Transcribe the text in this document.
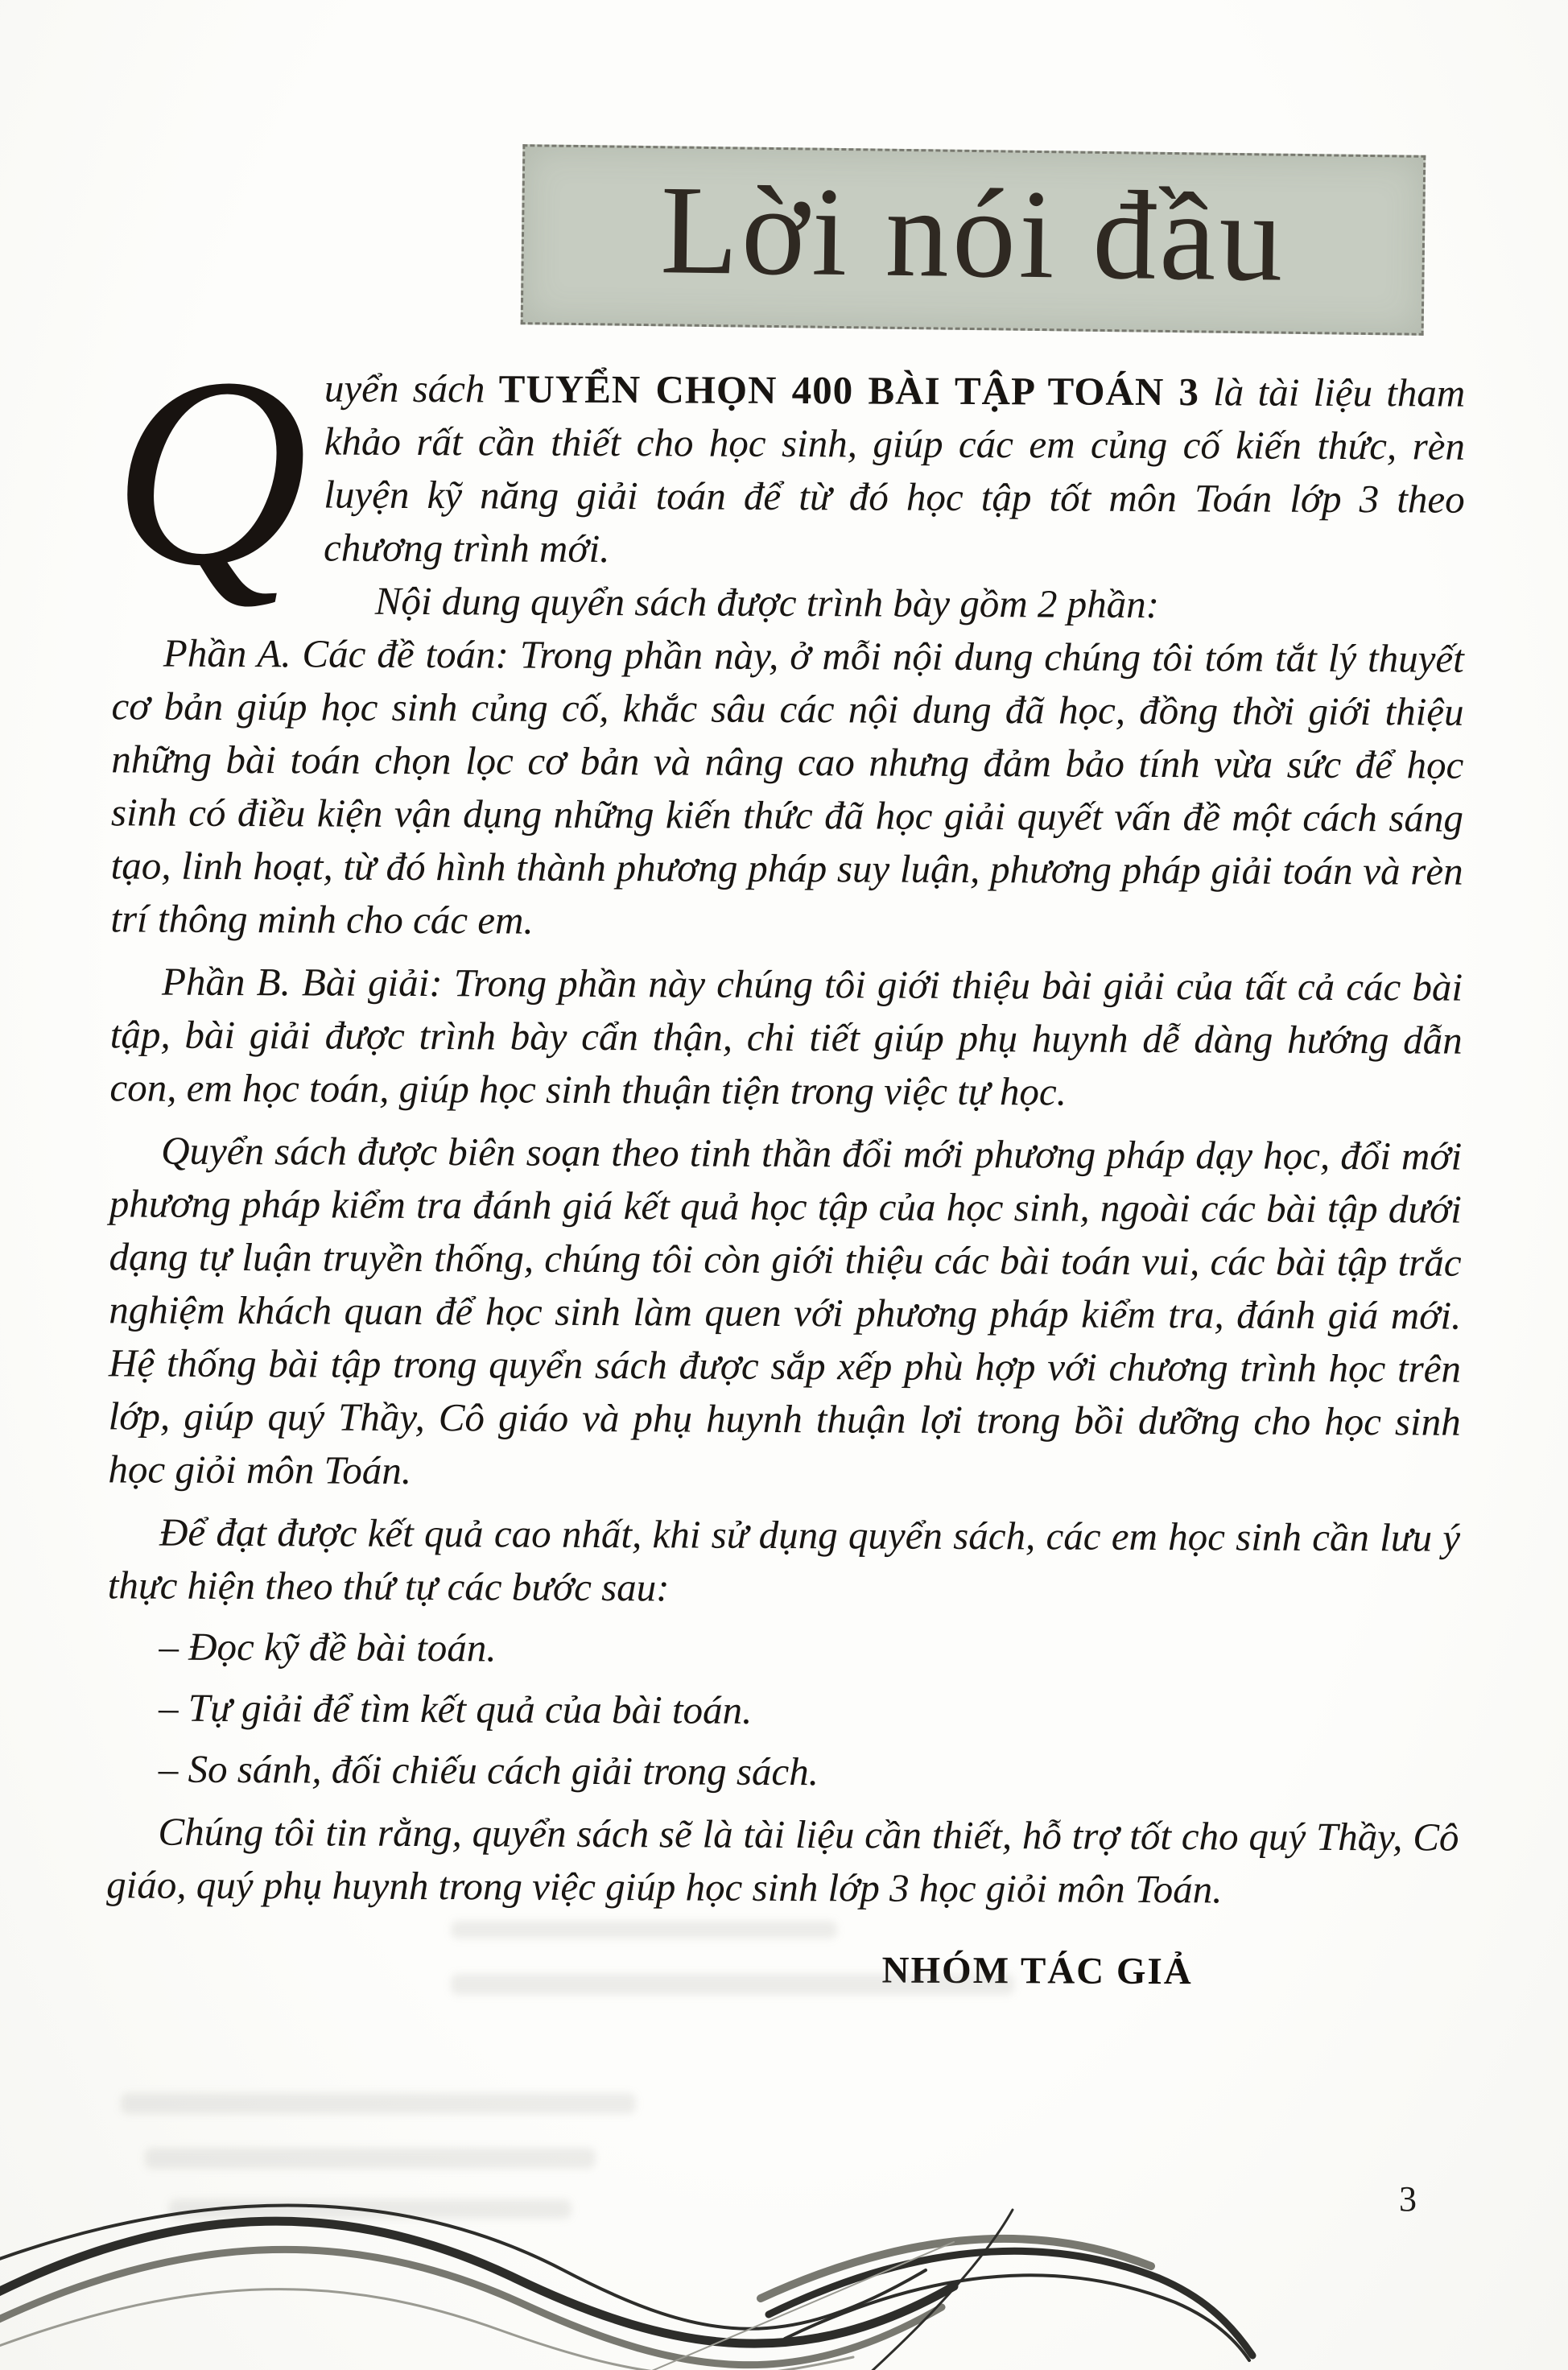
Lời nói đầu

Quyển sách TUYỂN CHỌN 400 BÀI TẬP TOÁN 3 là tài liệu tham khảo rất cần thiết cho học sinh, giúp các em củng cố kiến thức, rèn luyện kỹ năng giải toán để từ đó học tập tốt môn Toán lớp 3 theo chương trình mới.

Nội dung quyển sách được trình bày gồm 2 phần:

Phần A. Các đề toán: Trong phần này, ở mỗi nội dung chúng tôi tóm tắt lý thuyết cơ bản giúp học sinh củng cố, khắc sâu các nội dung đã học, đồng thời giới thiệu những bài toán chọn lọc cơ bản và nâng cao nhưng đảm bảo tính vừa sức để học sinh có điều kiện vận dụng những kiến thức đã học giải quyết vấn đề một cách sáng tạo, linh hoạt, từ đó hình thành phương pháp suy luận, phương pháp giải toán và rèn trí thông minh cho các em.

Phần B. Bài giải: Trong phần này chúng tôi giới thiệu bài giải của tất cả các bài tập, bài giải được trình bày cẩn thận, chi tiết giúp phụ huynh dễ dàng hướng dẫn con, em học toán, giúp học sinh thuận tiện trong việc tự học.

Quyển sách được biên soạn theo tinh thần đổi mới phương pháp dạy học, đổi mới phương pháp kiểm tra đánh giá kết quả học tập của học sinh, ngoài các bài tập dưới dạng tự luận truyền thống, chúng tôi còn giới thiệu các bài toán vui, các bài tập trắc nghiệm khách quan để học sinh làm quen với phương pháp kiểm tra, đánh giá mới. Hệ thống bài tập trong quyển sách được sắp xếp phù hợp với chương trình học trên lớp, giúp quý Thầy, Cô giáo và phụ huynh thuận lợi trong bồi dưỡng cho học sinh học giỏi môn Toán.

Để đạt được kết quả cao nhất, khi sử dụng quyển sách, các em học sinh cần lưu ý thực hiện theo thứ tự các bước sau:

– Đọc kỹ đề bài toán.

– Tự giải để tìm kết quả của bài toán.

– So sánh, đối chiếu cách giải trong sách.

Chúng tôi tin rằng, quyển sách sẽ là tài liệu cần thiết, hỗ trợ tốt cho quý Thầy, Cô giáo, quý phụ huynh trong việc giúp học sinh lớp 3 học giỏi môn Toán.

NHÓM TÁC GIẢ
3
